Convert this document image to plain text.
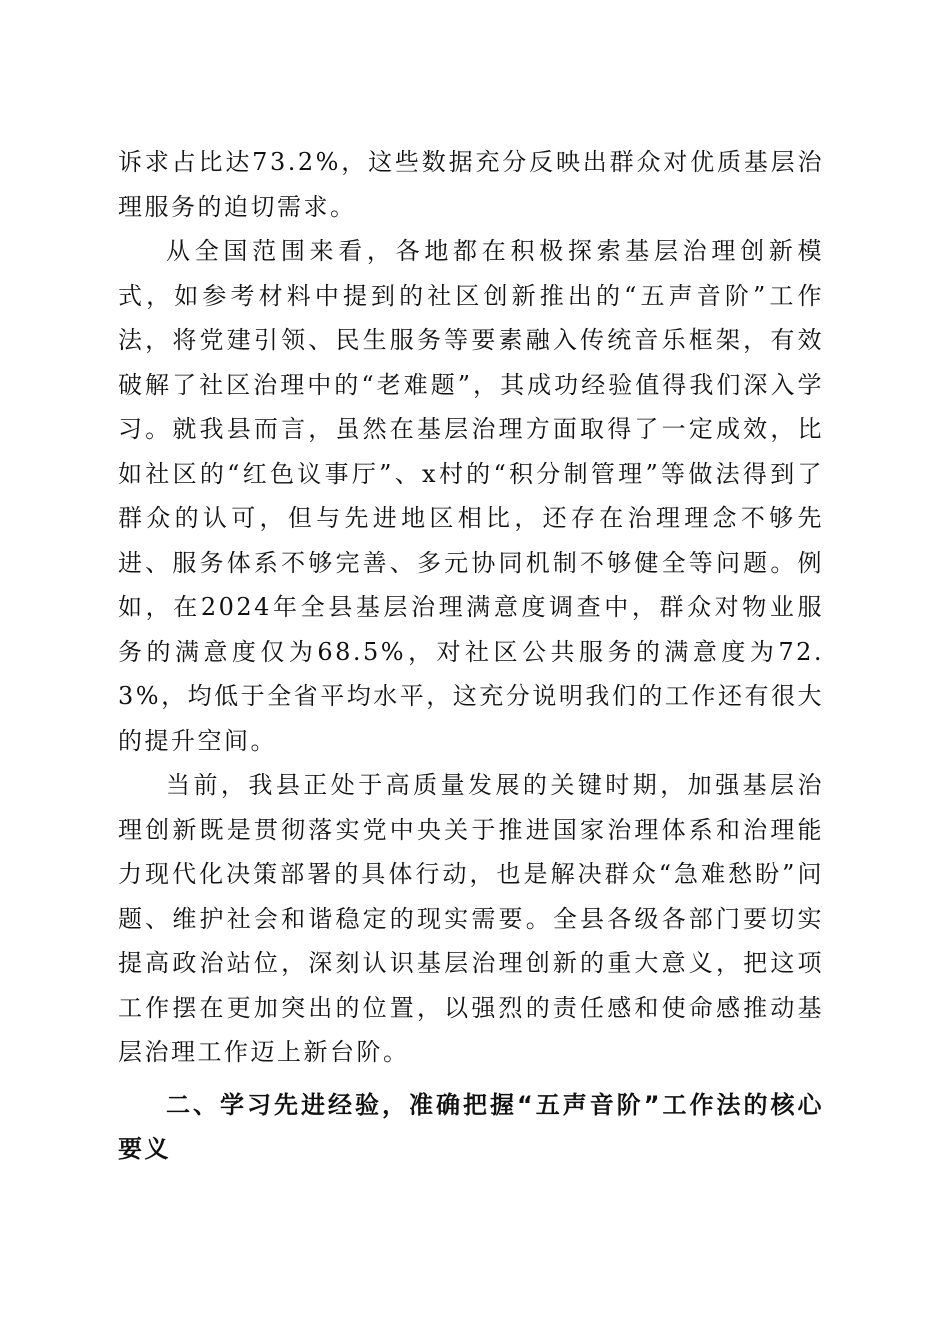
诉求占比达73.2%，这些数据充分反映出群众对优质基层治理服务的迫切需求。

从全国范围来看，各地都在积极探索基层治理创新模式，如参考材料中提到的社区创新推出的“五声音阶”工作法，将党建引领、民生服务等要素融入传统音乐框架，有效破解了社区治理中的“老难题”，其成功经验值得我们深入学习。就我县而言，虽然在基层治理方面取得了一定成效，比如社区的“红色议事厅”、x村的“积分制管理”等做法得到了群众的认可，但与先进地区相比，还存在治理理念不够先进、服务体系不够完善、多元协同机制不够健全等问题。例如，在2024年全县基层治理满意度调查中，群众对物业服务的满意度仅为68.5%，对社区公共服务的满意度为72.3%，均低于全省平均水平，这充分说明我们的工作还有很大的提升空间。

当前，我县正处于高质量发展的关键时期，加强基层治理创新既是贯彻落实党中央关于推进国家治理体系和治理能力现代化决策部署的具体行动，也是解决群众“急难愁盼”问题、维护社会和谐稳定的现实需要。全县各级各部门要切实提高政治站位，深刻认识基层治理创新的重大意义，把这项工作摆在更加突出的位置，以强烈的责任感和使命感推动基层治理工作迈上新台阶。

二、学习先进经验，准确把握“五声音阶”工作法的核心要义
